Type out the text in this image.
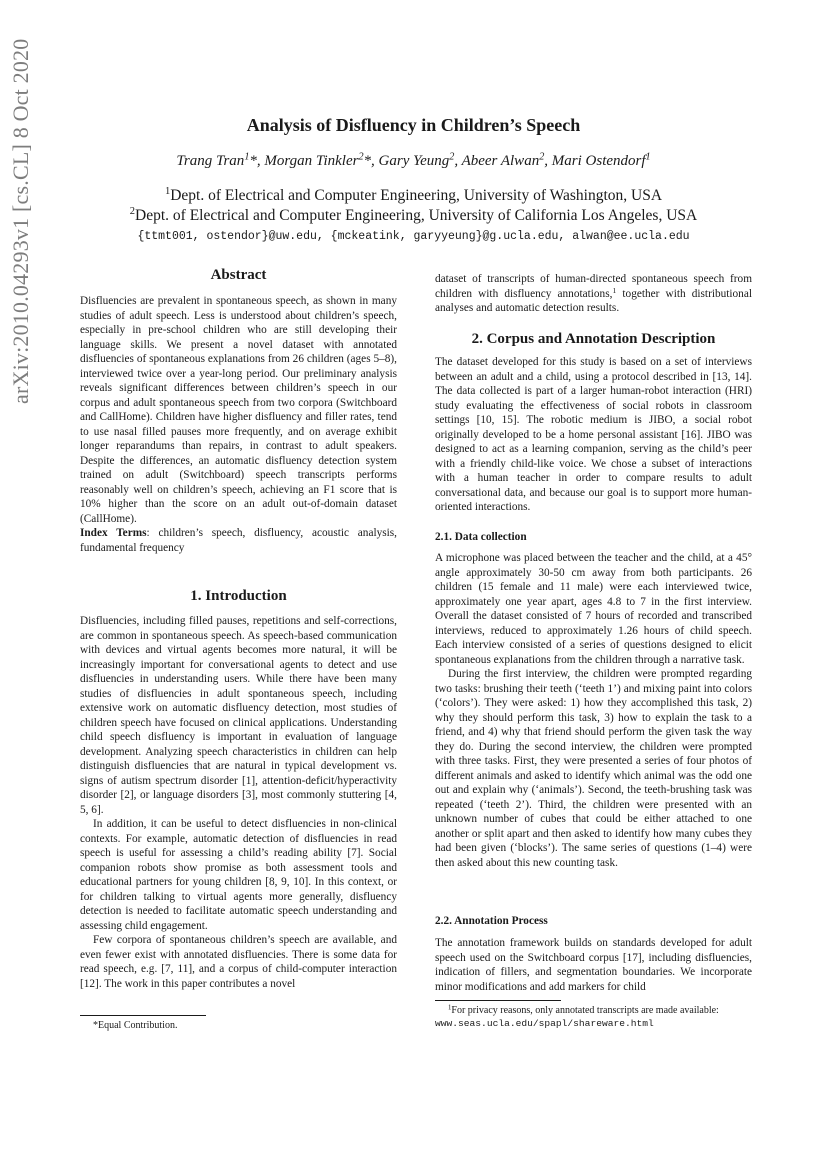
arXiv:2010.04293v1 [cs.CL] 8 Oct 2020	Analysis of Disfluency in Children’s Speech
Trang Tran$^1$*, Morgan Tinkler$^2$*, Gary Yeung$^2$, Abeer Alwan$^2$, Mari Ostendorf$^1$
$^1$Dept. of Electrical and Computer Engineering, University of Washington, USA
$^2$Dept. of Electrical and Computer Engineering, University of California Los Angeles, USA
{ttmt001, ostendor}@uw.edu, {mckeatink, garyyeung}@g.ucla.edu, alwan@ee.ucla.edu
Abstract

Disfluencies are prevalent in spontaneous speech, as shown in many studies of adult speech. Less is understood about children’s speech, especially in pre-school children who are still developing their language skills. We present a novel dataset with annotated disfluencies of spontaneous explanations from 26 children (ages 5–8), interviewed twice over a year-long period. Our preliminary analysis reveals significant differences between children’s speech in our corpus and adult spontaneous speech from two corpora (Switchboard and CallHome). Children have higher disfluency and filler rates, tend to use nasal filled pauses more frequently, and on average exhibit longer reparandums than repairs, in contrast to adult speakers. Despite the differences, an automatic disfluency detection system trained on adult (Switchboard) speech transcripts performs reasonably well on children’s speech, achieving an F1 score that is 10% higher than the score on an adult out-of-domain dataset (CallHome).

Index Terms: children’s speech, disfluency, acoustic analysis, fundamental frequency

1. Introduction

Disfluencies, including filled pauses, repetitions and self-corrections, are common in spontaneous speech. As speech-based communication with devices and virtual agents becomes more natural, it will be increasingly important for conversational agents to detect and use disfluencies in understanding users. While there have been many studies of disfluencies in adult spontaneous speech, including extensive work on automatic disfluency detection, most studies of children speech have focused on clinical applications. Understanding child speech disfluency is important in evaluation of language development. Analyzing speech characteristics in children can help distinguish disfluencies that are natural in typical development vs. signs of autism spectrum disorder [1], attention-deficit/hyperactivity disorder [2], or language disorders [3], most commonly stuttering [4, 5, 6].

In addition, it can be useful to detect disfluencies in non-clinical contexts. For example, automatic detection of disfluencies in read speech is useful for assessing a child’s reading ability [7]. Social companion robots show promise as both assessment tools and educational partners for young children [8, 9, 10]. In this context, or for children talking to virtual agents more generally, disfluency detection is needed to facilitate automatic speech understanding and assessing child engagement.

Few corpora of spontaneous children’s speech are available, and even fewer exist with annotated disfluencies. There is some data for read speech, e.g. [7, 11], and a corpus of child-computer interaction [12]. The work in this paper contributes a novel

*Equal Contribution.

dataset of transcripts of human-directed spontaneous speech from children with disfluency annotations,$^1$ together with distributional analyses and automatic detection results.

2. Corpus and Annotation Description

The dataset developed for this study is based on a set of interviews between an adult and a child, using a protocol described in [13, 14]. The data collected is part of a larger human-robot interaction (HRI) study evaluating the effectiveness of social robots in classroom settings [10, 15]. The robotic medium is JIBO, a social robot originally developed to be a home personal assistant [16]. JIBO was designed to act as a learning companion, serving as the child’s peer with a friendly child-like voice. We chose a subset of interactions with a human teacher in order to compare results to adult conversational data, and because our goal is to support more human-oriented interactions.

2.1. Data collection

A microphone was placed between the teacher and the child, at a 45° angle approximately 30-50 cm away from both participants. 26 children (15 female and 11 male) were each interviewed twice, approximately one year apart, ages 4.8 to 7 in the first interview. Overall the dataset consisted of 7 hours of recorded and transcribed interviews, reduced to approximately 1.26 hours of child speech. Each interview consisted of a series of questions designed to elicit spontaneous explanations from the children through a narrative task.

During the first interview, the children were prompted regarding two tasks: brushing their teeth (‘teeth 1’) and mixing paint into colors (‘colors’). They were asked: 1) how they accomplished this task, 2) why they should perform this task, 3) how to explain the task to a friend, and 4) why that friend should perform the given task the way they do. During the second interview, the children were prompted with three tasks. First, they were presented a series of four photos of different animals and asked to identify which animal was the odd one out and explain why (‘animals’). Second, the teeth-brushing task was repeated (‘teeth 2’). Third, the children were presented with an unknown number of cubes that could be either attached to one another or split apart and then asked to identify how many cubes they had been given (‘blocks’). The same series of questions (1–4) were then asked about this new counting task.

2.2. Annotation Process

The annotation framework builds on standards developed for adult speech used on the Switchboard corpus [17], including disfluencies, indication of fillers, and segmentation boundaries. We incorporate minor modifications and add markers for child

$^1$For privacy reasons, only annotated transcripts are made available:
www.seas.ucla.edu/spapl/shareware.html
